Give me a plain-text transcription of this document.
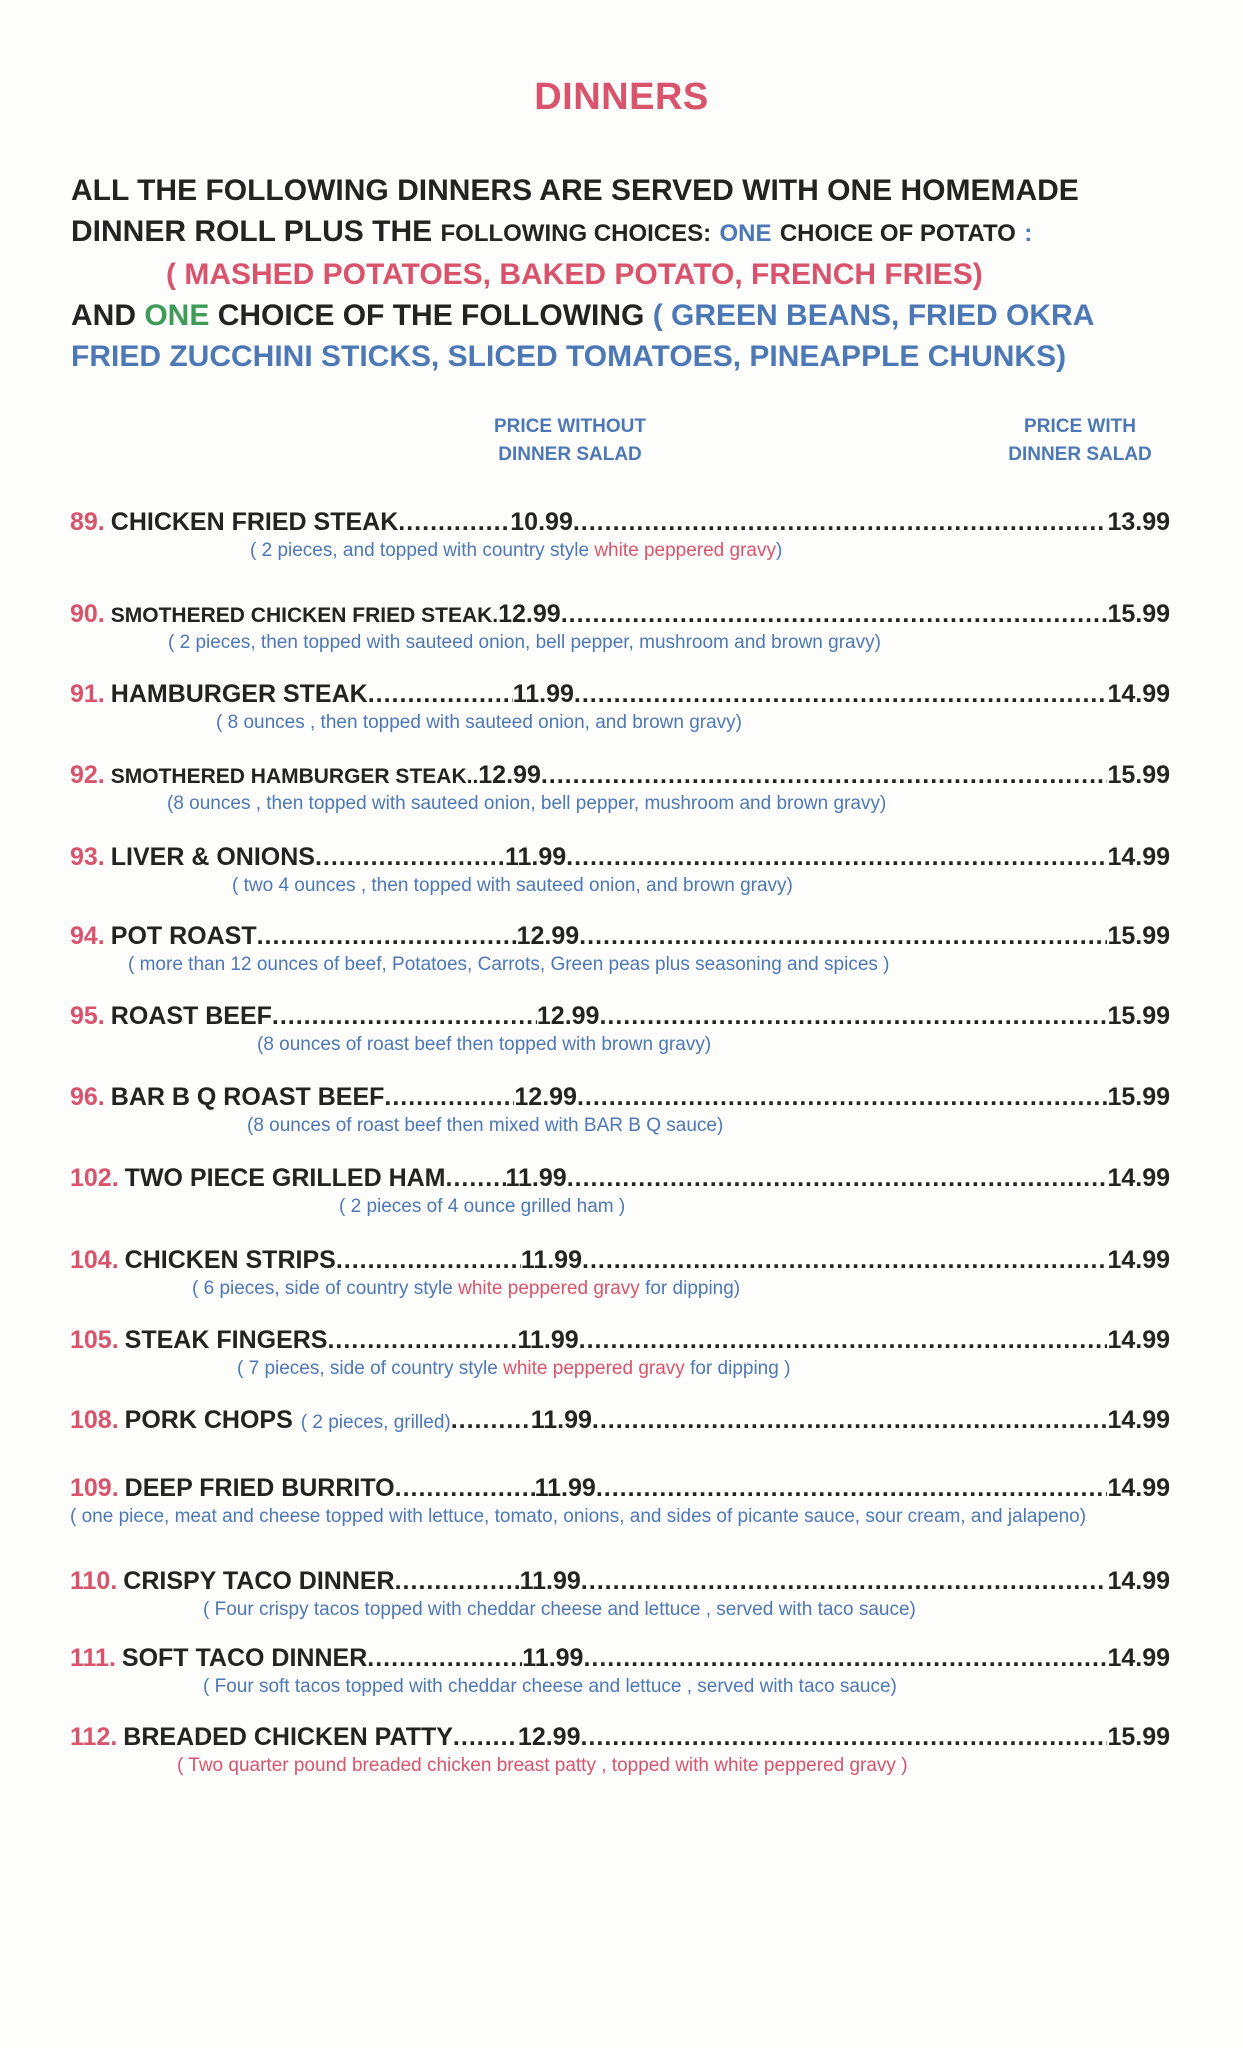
DINNERS
ALL THE FOLLOWING DINNERS ARE SERVED WITH ONE HOMEMADE
DINNER ROLL PLUS THE FOLLOWING CHOICES: ONE CHOICE OF POTATO :
( MASHED POTATOES, BAKED POTATO, FRENCH FRIES)
AND ONE CHOICE OF THE FOLLOWING ( GREEN BEANS, FRIED OKRA
FRIED ZUCCHINI STICKS, SLICED TOMATOES, PINEAPPLE CHUNKS)
PRICE WITHOUT
DINNER SALAD
PRICE WITH
DINNER SALAD
89. CHICKEN FRIED STEAK .....	10.99 .....	13.99
( 2 pieces, and topped with country style white peppered gravy)
90. SMOTHERED CHICKEN FRIED STEAK. 12.99 .....	15.99
( 2 pieces, then topped with sauteed onion, bell pepper, mushroom and brown gravy)
91. HAMBURGER STEAK .....	11.99 .....	14.99
( 8 ounces , then topped with sauteed onion, and brown gravy)
92. SMOTHERED HAMBURGER STEAK.. 12.99 .....	15.99
(8 ounces , then topped with sauteed onion, bell pepper, mushroom and brown gravy)
93. LIVER & ONIONS .....	11.99 .....	14.99
( two 4 ounces , then topped with sauteed onion, and brown gravy)
94. POT ROAST .....	12.99 .....	15.99
( more than 12 ounces of beef, Potatoes, Carrots, Green peas plus seasoning and spices )
95. ROAST BEEF .....	12.99 .....	15.99
(8 ounces of roast beef then topped with brown gravy)
96. BAR B Q ROAST BEEF .....	12.99 .....	15.99
(8 ounces of roast beef then mixed with BAR B Q sauce)
102. TWO PIECE GRILLED HAM ..... 11.99 .....	14.99
( 2 pieces of 4 ounce grilled ham )
104. CHICKEN STRIPS .....	11.99 .....	14.99
( 6 pieces, side of country style white peppered gravy for dipping)
105. STEAK FINGERS .....	11.99 .....	14.99
( 7 pieces, side of country style white peppered gravy for dipping )
108. PORK CHOPS ( 2 pieces, grilled) .....	11.99 .....	14.99
109. DEEP FRIED BURRITO .....	11.99 .....	14.99
( one piece, meat and cheese topped with lettuce, tomato, onions, and sides of picante sauce, sour cream, and jalapeno)
110. CRISPY TACO DINNER .....	11.99 .....	14.99
( Four crispy tacos topped with cheddar cheese and lettuce , served with taco sauce)
111. SOFT TACO DINNER .....	11.99 .....	14.99
( Four soft tacos topped with cheddar cheese and lettuce , served with taco sauce)
112. BREADED CHICKEN PATTY .....	12.99 .....	15.99
( Two quarter pound breaded chicken breast patty , topped with white peppered gravy )
